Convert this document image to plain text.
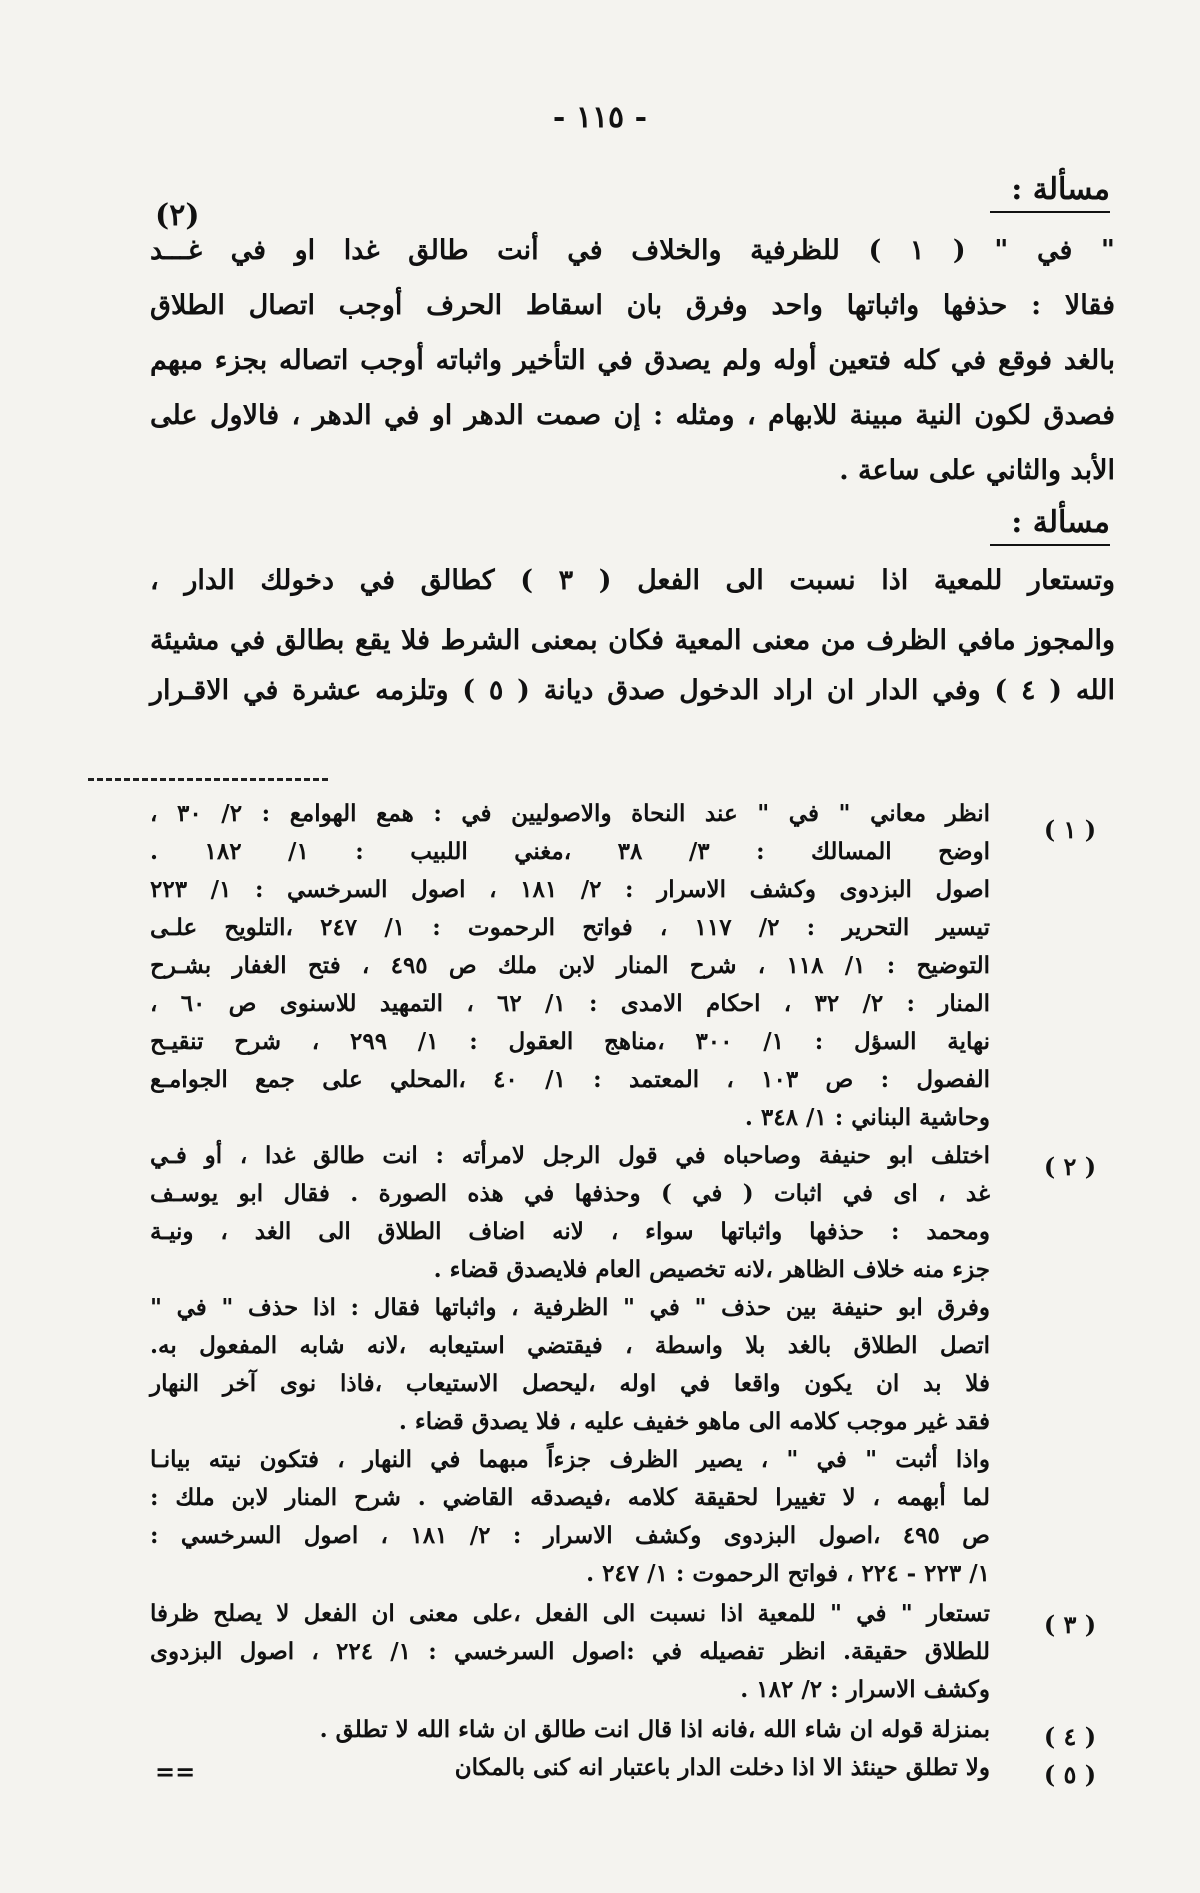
- ١١٥ -
مسألة :
(٢)
" في " ( ١ ) للظرفية والخلاف في أنت طالق غدا او في غـــد
فقالا : حذفها واثباتها واحد وفرق بان اسقاط الحرف أوجب اتصال الطلاق
بالغد فوقع في كله فتعين أوله ولم يصدق في التأخير واثباته أوجب اتصاله بجزء مبهم
فصدق لكون النية مبينة للابهام ، ومثله : إن صمت الدهر او في الدهر ، فالاول على
الأبد والثاني على ساعة .
مسألة :
وتستعار للمعية اذا نسبت الى الفعل ( ٣ ) كطالق في دخولك الدار ،
والمجوز مافي الظرف من معنى المعية فكان بمعنى الشرط فلا يقع بطالق في مشيئة
الله ( ٤ ) وفي الدار ان اراد الدخول صدق ديانة ( ٥ ) وتلزمه عشرة في الاقـرار
( ١ )
انظر معاني " في " عند النحاة والاصوليين في : همع الهوامع : ٢/ ٣٠ ،
اوضح المسالك : ٣/ ٣٨ ،مغني اللبيب : ١/ ١٨٢ .
اصول البزدوى وكشف الاسرار : ٢/ ١٨١ ، اصول السرخسي : ١/ ٢٢٣
تيسير التحرير : ٢/ ١١٧ ، فواتح الرحموت : ١/ ٢٤٧ ،التلويح علـى
التوضيح : ١/ ١١٨ ، شرح المنار لابن ملك ص ٤٩٥ ، فتح الغفار بشـرح
المنار : ٢/ ٣٢ ، احكام الامدى : ١/ ٦٢ ، التمهيد للاسنوى ص ٦٠ ،
نهاية السؤل : ١/ ٣٠٠ ،مناهج العقول : ١/ ٢٩٩ ، شرح تنقيـح
الفصول : ص ١٠٣ ، المعتمد : ١/ ٤٠ ،المحلي على جمع الجوامـع
وحاشية البناني : ١/ ٣٤٨ .
( ٢ )
اختلف ابو حنيفة وصاحباه في قول الرجل لامرأته : انت طالق غدا ، أو فـي
غد ، اى في اثبات ( في ) وحذفها في هذه الصورة . فقال ابو يوسـف
ومحمد : حذفها واثباتها سواء ، لانه اضاف الطلاق الى الغد ، ونيـة
جزء منه خلاف الظاهر ،لانه تخصيص العام فلايصدق قضاء .
وفرق ابو حنيفة بين حذف " في " الظرفية ، واثباتها فقال : اذا حذف " في "
اتصل الطلاق بالغد بلا واسطة ، فيقتضي استيعابه ،لانه شابه المفعول به.
فلا بد ان يكون واقعا في اوله ،ليحصل الاستيعاب ،فاذا نوى آخر النهار
فقد غير موجب كلامه الى ماهو خفيف عليه ، فلا يصدق قضاء .
واذا أثبت " في " ، يصير الظرف جزءاً مبهما في النهار ، فتكون نيته بيانـا
لما أبهمه ، لا تغييرا لحقيقة كلامه ،فيصدقه القاضي . شرح المنار لابن ملك :
ص ٤٩٥ ،اصول البزدوى وكشف الاسرار : ٢/ ١٨١ ، اصول السرخسي :
١/ ٢٢٣ - ٢٢٤ ، فواتح الرحموت : ١/ ٢٤٧ .
( ٣ )
تستعار " في " للمعية اذا نسبت الى الفعل ،على معنى ان الفعل لا يصلح ظرفا
للطلاق حقيقة. انظر تفصيله في :اصول السرخسي : ١/ ٢٢٤ ، اصول البزدوى
وكشف الاسرار : ٢/ ١٨٢ .
( ٤ )
بمنزلة قوله ان شاء الله ،فانه اذا قال انت طالق ان شاء الله لا تطلق .
( ٥ )
ولا تطلق حينئذ الا اذا دخلت الدار باعتبار انه كنى بالمكان
==
